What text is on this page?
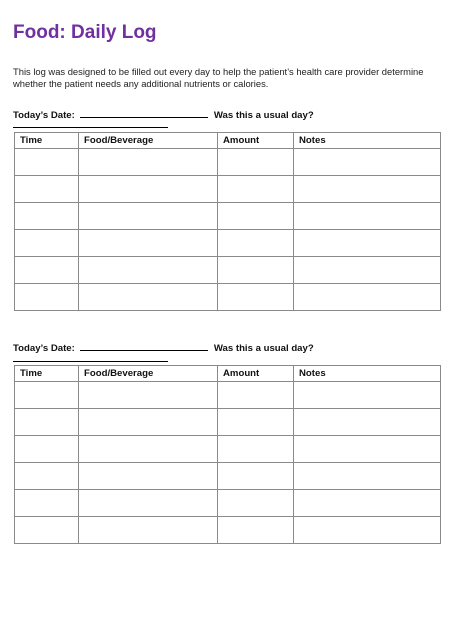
Food: Daily Log
This log was designed to be filled out every day to help the patient’s health care provider determine whether the patient needs any additional nutrients or calories.
Today’s Date:	Was this a usual day?
Time	Food/Beverage	Amount	Notes

Today’s Date:	Was this a usual day?
Time	Food/Beverage	Amount	Notes
